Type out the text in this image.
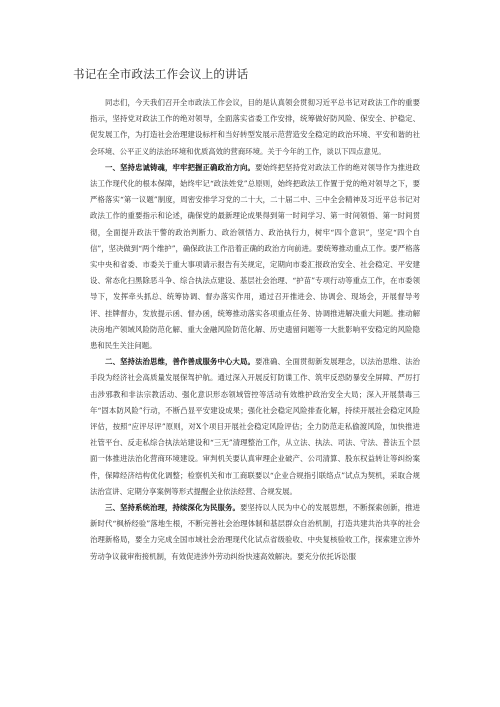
书记在全市政法工作会议上的讲话

同志们，今天我们召开全市政法工作会议，目的是认真领会贯彻习近平总书记对政法工作的重要指示，坚持党对政法工作的绝对领导，全面落实省委工作安排，统筹做好防风险、保安全、护稳定、促发展工作，为打造社会治理建设标杆和当好转型发展示范营造安全稳定的政治环境、平安和谐的社会环境、公平正义的法治环境和优质高效的营商环境。关于今年的工作，谈以下四点意见。

一、坚持忠诚铸魂，牢牢把握正确政治方向。要始终把坚持党对政法工作的绝对领导作为推进政法工作现代化的根本保障，始终牢记“政法姓党”总原则，始终把政法工作置于党的绝对领导之下，要严格落实“第一议题”制度，周密安排学习党的二十大，二十届二中、三中全会精神及习近平总书记对政法工作的重要指示和论述，确保党的最新理论成果得到第一时间学习、第一时间领悟、第一时间贯彻，全面提升政法干警的政治判断力、政治领悟力、政治执行力，树牢“四个意识”，坚定“四个自信”，坚决做到“两个维护”，确保政法工作沿着正确的政治方向前进。要统筹推动重点工作。要严格落实中央和省委、市委关于重大事项请示报告有关规定，定期向市委汇报政治安全、社会稳定、平安建设、常态化扫黑除恶斗争、综合执法点建设、基层社会治理、“护苗”专项行动等重点工作，在市委领导下，发挥牵头抓总、统筹协调、督办落实作用，通过召开推进会、协调会、现场会，开展督导考评、挂牌督办，发放提示函、督办函，统筹推动落实各项重点任务、协调推进解决重大问题。推动解决房地产领域风险防范化解、重大金融风险防范化解、历史遗留问题等一大批影响平安稳定的风险隐患和民生关注问题。

二、坚持法治思维，善作善成服务中心大局。要准确、全面贯彻新发展理念，以法治思维、法治手段为经济社会高质量发展保驾护航。通过深入开展反钉防谍工作、筑牢反恐防暴安全屏障、严厉打击涉邪教和非法宗教活动、强化意识形态领域管控等活动有效维护政治安全大局；深入开展禁毒三年“固本防风险”行动，不断凸显平安建设成果；强化社会稳定风险排查化解，持续开展社会稳定风险评估，按照“应评尽评”原则，对X个项目开展社会稳定风险评估；全力防范走私偷渡风险，加快推进社管平台、反走私综合执法站建设和“三无”清理整治工作，从立法、执法、司法、守法、普法五个层面一体推进法治化营商环境建设。审判机关要认真审理企业破产、公司清算、股东权益转让等纠纷案件，保障经济结构优化调整；检察机关和市工商联要以“企业合规指引联络点”试点为契机，采取合规法治宣讲、定期分享案例等形式提醒企业依法经营、合规发展。

三、坚持系统治理，持续深化为民服务。要坚持以人民为中心的发展思想，不断探索创新，推进新时代“枫桥经验”落地生根，不断完善社会治理体制和基层群众自治机制，打造共建共治共享的社会治理新格局，要全力完成全国市域社会治理现代化试点省级验收、中央复核验收工作，探索建立涉外劳动争议裁审衔接机制，有效促进涉外劳动纠纷快速高效解决。要充分依托诉讼服
